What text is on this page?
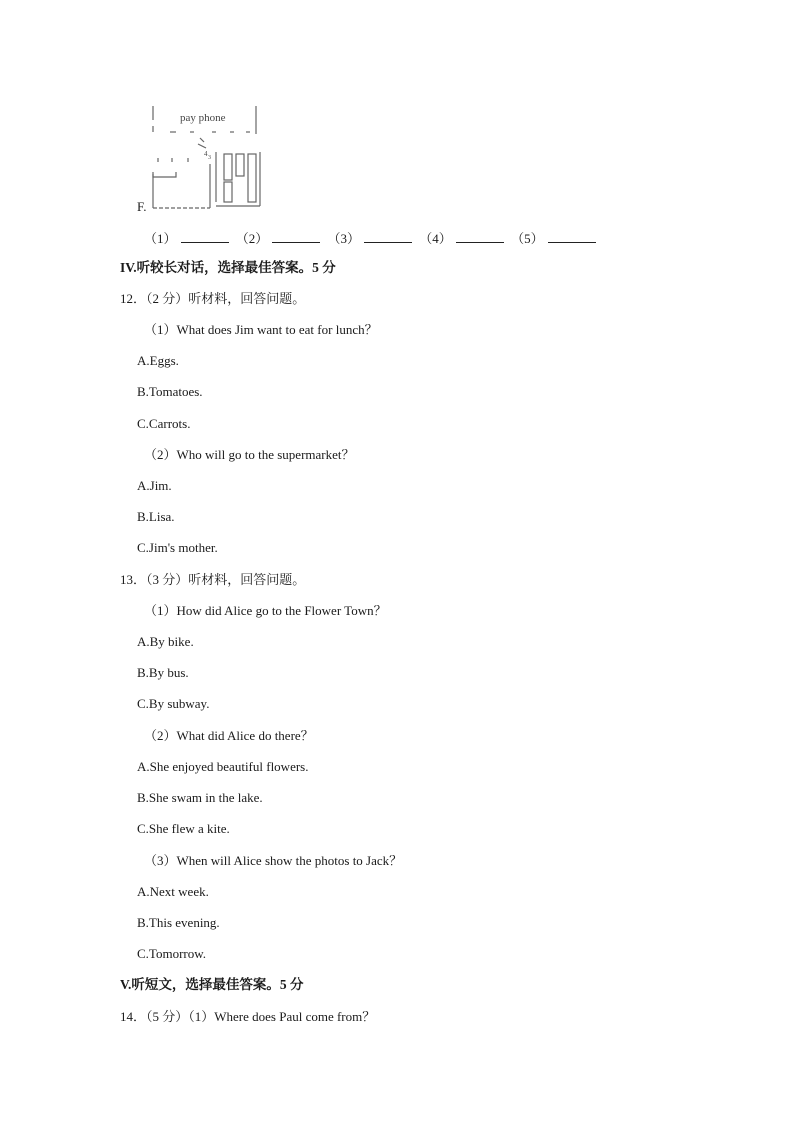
pay phone
4 3
F.
（1）	（2）	（3）	（4）	（5）
IV.听较长对话，选择最佳答案。5 分
12．（2 分）听材料，回答问题。
（1）What does Jim want to eat for lunch？
A.Eggs.
B.Tomatoes.
C.Carrots.
（2）Who will go to the supermarket？
A.Jim.
B.Lisa.
C.Jim's mother.
13．（3 分）听材料，回答问题。
（1）How did Alice go to the Flower Town？
A.By bike.
B.By bus.
C.By subway.
（2）What did Alice do there？
A.She enjoyed beautiful flowers.
B.She swam in the lake.
C.She flew a kite.
（3）When will Alice show the photos to Jack？
A.Next week.
B.This evening.
C.Tomorrow.
V.听短文，选择最佳答案。5 分
14．（5 分）（1）Where does Paul come from？
